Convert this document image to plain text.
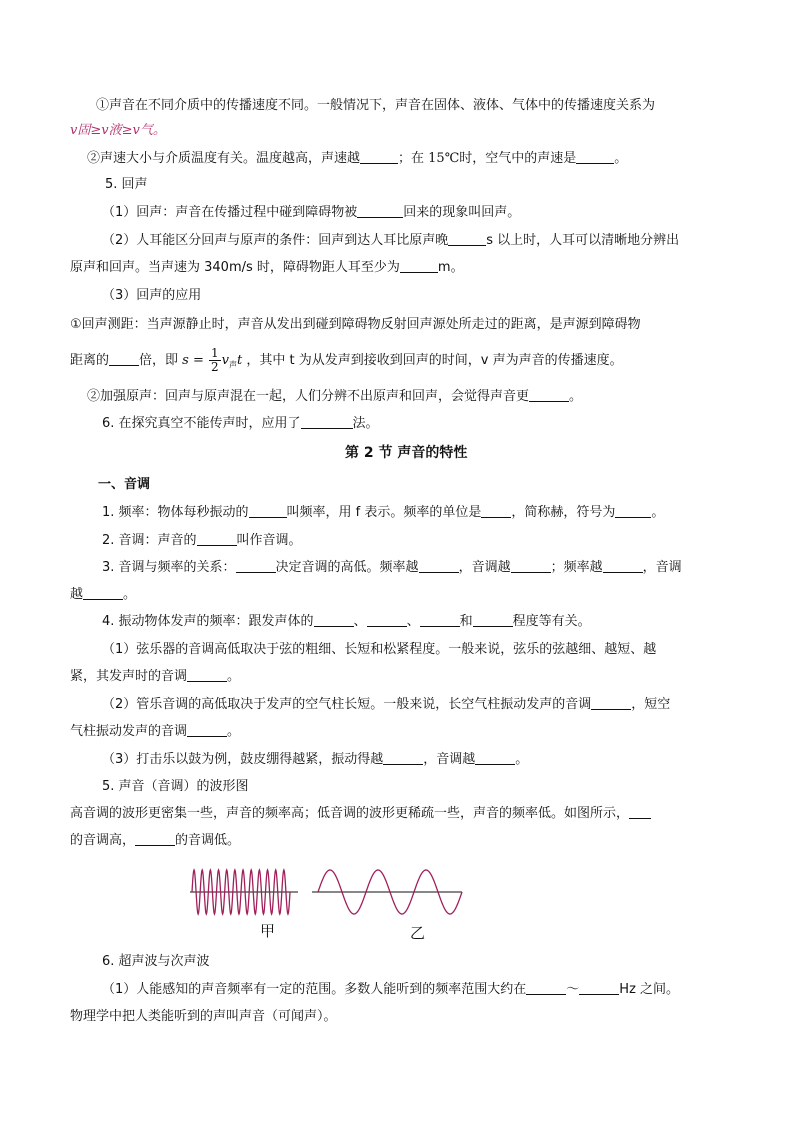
①声音在不同介质中的传播速度不同。一般情况下，声音在固体、液体、气体中的传播速度关系为
v固≥v液≥v气。
②声速大小与介质温度有关。温度越高，声速越	；在 15℃时，空气中的声速是	。
5. 回声
（1）回声：声音在传播过程中碰到障碍物被	回来的现象叫回声。
（2）人耳能区分回声与原声的条件：回声到达人耳比原声晚	s 以上时，人耳可以清晰地分辨出
原声和回声。当声速为 340m/s 时，障碍物距人耳至少为	m。
（3）回声的应用
①回声测距：当声源静止时，声音从发出到碰到障碍物反射回声源处所走过的距离，是声源到障碍物
距离的 倍，即 $s = \frac{1}{2} v_声t$ ，其中 t 为从发声到接收到回声的时间，v 声为声音的传播速度。
②加强原声：回声与原声混在一起，人们分辨不出原声和回声，会觉得声音更	。
6. 在探究真空不能传声时，应用了	法。
第 2 节 声音的特性
一、音调
1. 频率：物体每秒振动的	叫频率，用 f 表示。频率的单位是 ，简称赫，符号为	。
2. 音调：声音的	叫作音调。
3. 音调与频率的关系：	决定音调的高低。频率越	，音调越	；频率越	，音调
越	。
4. 振动物体发声的频率：跟发声体的	、	、	和	程度等有关。
（1）弦乐器的音调高低取决于弦的粗细、长短和松紧程度。一般来说，弦乐的弦越细、越短、越
紧，其发声时的音调	。
（2）管乐音调的高低取决于发声的空气柱长短。一般来说，长空气柱振动发声的音调	，短空
气柱振动发声的音调	。
（3）打击乐以鼓为例，鼓皮绷得越紧，振动得越	，音调越	。
5. 声音（音调）的波形图
高音调的波形更密集一些，声音的频率高；低音调的波形更稀疏一些，声音的频率低。如图所示，
的音调高，	的音调低。
甲	乙
6. 超声波与次声波
（1）人能感知的声音频率有一定的范围。多数人能听到的频率范围大约在	～	Hz 之间。
物理学中把人类能听到的声叫声音（可闻声）。
